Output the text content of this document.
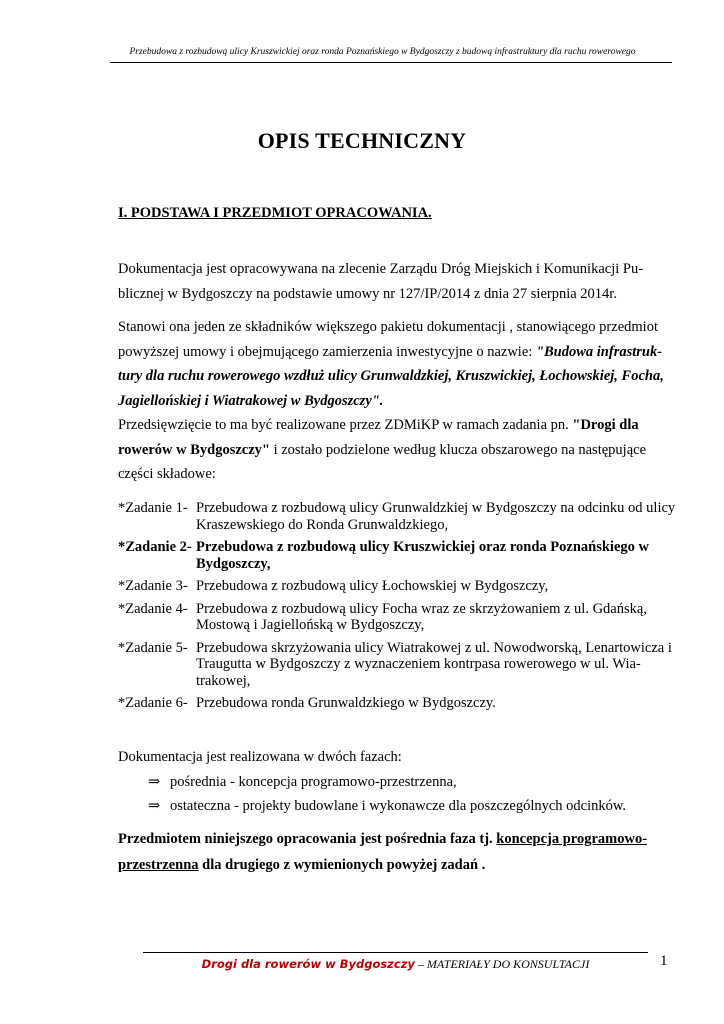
Przebudowa z rozbudową ulicy Kruszwickiej oraz ronda Poznańskiego w Bydgoszczy z budową infrastruktury dla ruchu rowerowego
OPIS TECHNICZNY
I. PODSTAWA I PRZEDMIOT OPRACOWANIA.

Dokumentacja jest opracowywana na zlecenie Zarządu Dróg Miejskich i Komunikacji Pu-blicznej w Bydgoszczy na podstawie umowy nr 127/IP/2014 z dnia 27 sierpnia 2014r.

Stanowi ona jeden ze składników większego pakietu dokumentacji , stanowiącego przedmiot powyższej umowy i obejmującego zamierzenia inwestycyjne o nazwie: "Budowa infrastruk-tury dla ruchu rowerowego wzdłuż ulicy Grunwaldzkiej, Kruszwickiej, Łochowskiej, Focha, Jagiellońskiej i Wiatrakowej w Bydgoszczy".

Przedsięwzięcie to ma być realizowane przez ZDMiKP w ramach zadania pn. "Drogi dla rowerów w Bydgoszczy" i zostało podzielone według klucza obszarowego na następujące części składowe:

*Zadanie 1- Przebudowa z rozbudową ulicy Grunwaldzkiej w Bydgoszczy na odcinku od ulicy Kraszewskiego do Ronda Grunwaldzkiego,
*Zadanie 2- Przebudowa z rozbudową ulicy Kruszwickiej oraz ronda Poznańskiego w Bydgoszczy,
*Zadanie 3- Przebudowa z rozbudową ulicy Łochowskiej w Bydgoszczy,
*Zadanie 4- Przebudowa z rozbudową ulicy Focha wraz ze skrzyżowaniem z ul. Gdańską, Mostową i Jagiellońską w Bydgoszczy,
*Zadanie 5- Przebudowa skrzyżowania ulicy Wiatrakowej z ul. Nowodworską, Lenartowicza i Traugutta w Bydgoszczy z wyznaczeniem kontrpasa rowerowego w ul. Wia-trakowej,
*Zadanie 6- Przebudowa ronda Grunwaldzkiego w Bydgoszczy.

Dokumentacja jest realizowana w dwóch fazach:

⇒ pośrednia - koncepcja programowo-przestrzenna,
⇒ ostateczna - projekty budowlane i wykonawcze dla poszczególnych odcinków.

Przedmiotem niniejszego opracowania jest pośrednia faza tj. koncepcja programowo-przestrzenna dla drugiego z wymienionych powyżej zadań .

Drogi dla rowerów w Bydgoszczy – MATERIAŁY DO KONSULTACJI	1
